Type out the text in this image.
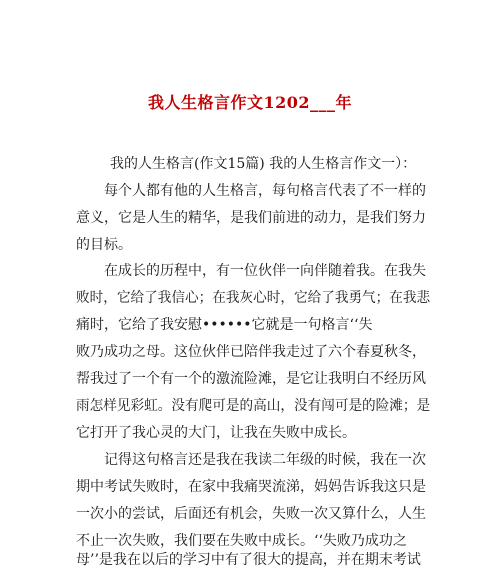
我人生格言作文1202___年
我的人生格言(作文15篇) 我的人生格言作文一）：
每个人都有他的人生格言，每句格言代表了不一样的
意义，它是人生的精华，是我们前进的动力，是我们努力
的目标。
在成长的历程中，有一位伙伴一向伴随着我。在我失
败时，它给了我信心；在我灰心时，它给了我勇气；在我悲
痛时，它给了我安慰••••••它就是一句格言‘‘失
败乃成功之母。这位伙伴已陪伴我走过了六个春夏秋冬，
帮我过了一个有一个的激流险滩，是它让我明白不经历风
雨怎样见彩虹。没有爬可是的高山，没有闯可是的险滩；是
它打开了我心灵的大门，让我在失败中成长。
记得这句格言还是我在我读二年级的时候，我在一次
期中考试失败时，在家中我痛哭流涕，妈妈告诉我这只是
一次小的尝试，后面还有机会，失败一次又算什么，人生
不止一次失败，我们要在失败中成长。‘‘失败乃成功之
母’’是我在以后的学习中有了很大的提高，并在期末考试
